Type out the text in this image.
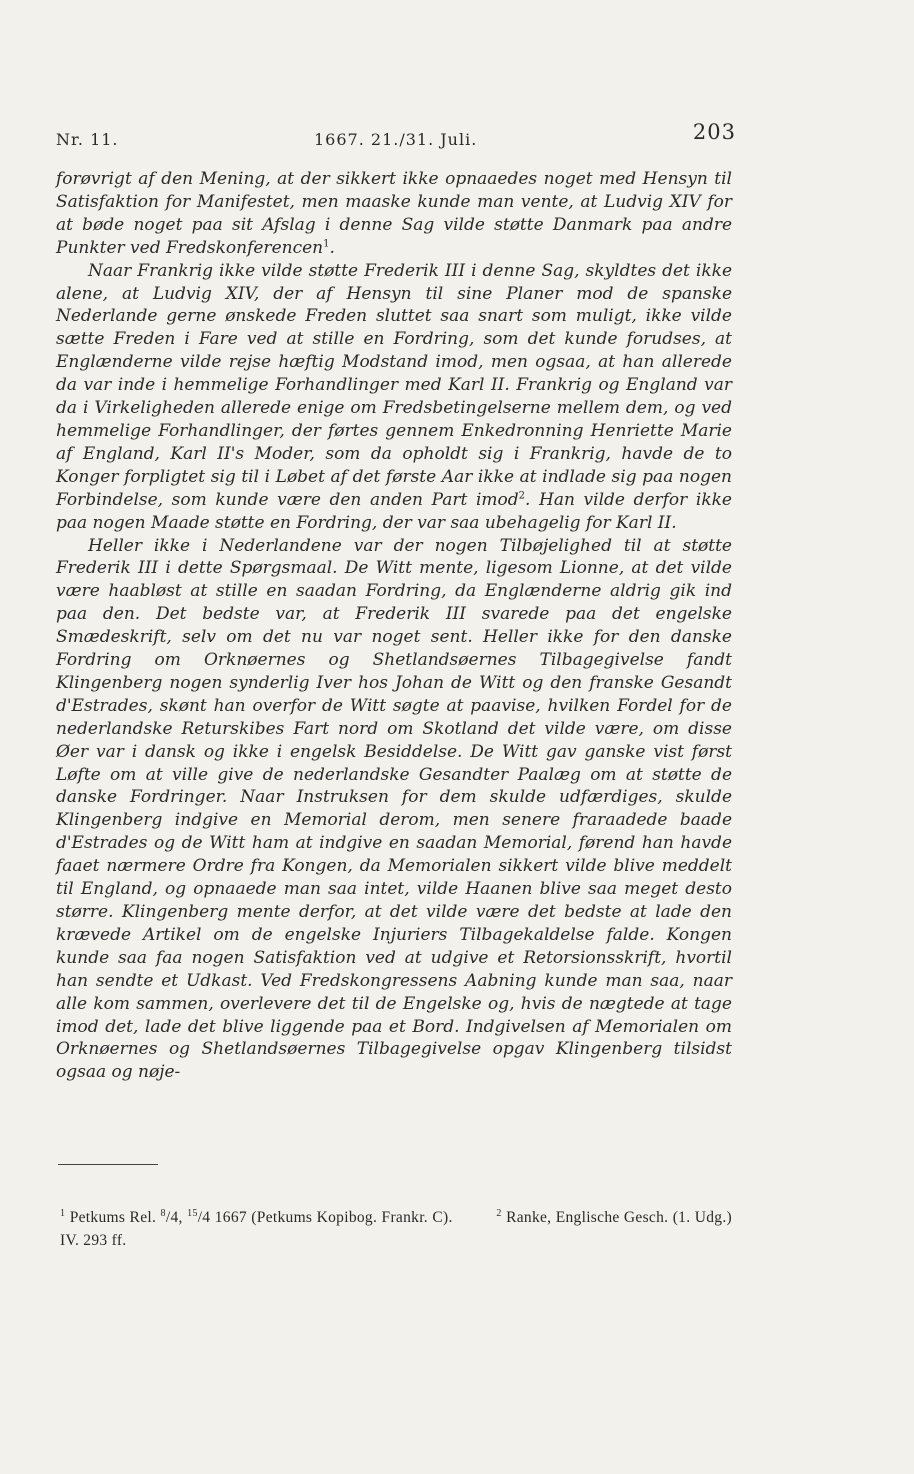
Nr. 11.	1667. 21./31. Juli.	203

forøvrigt af den Mening, at der sikkert ikke opnaaedes noget med Hensyn til Satisfaktion for Manifestet, men maaske kunde man vente, at Ludvig XIV for at bøde noget paa sit Afslag i denne Sag vilde støtte Danmark paa andre Punkter ved Fredskonferencen$^1$.

Naar Frankrig ikke vilde støtte Frederik III i denne Sag, skyldtes det ikke alene, at Ludvig XIV, der af Hensyn til sine Planer mod de spanske Nederlande gerne ønskede Freden sluttet saa snart som muligt, ikke vilde sætte Freden i Fare ved at stille en Fordring, som det kunde forudses, at Englænderne vilde rejse hæftig Modstand imod, men ogsaa, at han allerede da var inde i hemmelige Forhandlinger med Karl II. Frankrig og England var da i Virkeligheden allerede enige om Fredsbetingelserne mellem dem, og ved hemmelige Forhandlinger, der førtes gennem Enkedronning Henriette Marie af England, Karl II's Moder, som da opholdt sig i Frankrig, havde de to Konger forpligtet sig til i Løbet af det første Aar ikke at indlade sig paa nogen Forbindelse, som kunde være den anden Part imod$^2$. Han vilde derfor ikke paa nogen Maade støtte en Fordring, der var saa ubehagelig for Karl II.

Heller ikke i Nederlandene var der nogen Tilbøjelighed til at støtte Frederik III i dette Spørgsmaal. De Witt mente, ligesom Lionne, at det vilde være haabløst at stille en saadan Fordring, da Englænderne aldrig gik ind paa den. Det bedste var, at Frederik III svarede paa det engelske Smædeskrift, selv om det nu var noget sent. Heller ikke for den danske Fordring om Orknøernes og Shetlandsøernes Tilbagegivelse fandt Klingenberg nogen synderlig Iver hos Johan de Witt og den franske Gesandt d'Estrades, skønt han overfor de Witt søgte at paavise, hvilken Fordel for de nederlandske Returskibes Fart nord om Skotland det vilde være, om disse Øer var i dansk og ikke i engelsk Besiddelse. De Witt gav ganske vist først Løfte om at ville give de nederlandske Gesandter Paalæg om at støtte de danske Fordringer. Naar Instruksen for dem skulde udfærdiges, skulde Klingenberg indgive en Memorial derom, men senere fraraadede baade d'Estrades og de Witt ham at indgive en saadan Memorial, førend han havde faaet nærmere Ordre fra Kongen, da Memorialen sikkert vilde blive meddelt til England, og opnaaede man saa intet, vilde Haanen blive saa meget desto større. Klingenberg mente derfor, at det vilde være det bedste at lade den krævede Artikel om de engelske Injuriers Tilbagekaldelse falde. Kongen kunde saa faa nogen Satisfaktion ved at udgive et Retorsionsskrift, hvortil han sendte et Udkast. Ved Fredskongressens Aabning kunde man saa, naar alle kom sammen, overlevere det til de Engelske og, hvis de nægtede at tage imod det, lade det blive liggende paa et Bord. Indgivelsen af Memorialen om Orknøernes og Shetlandsøernes Tilbagegivelse opgav Klingenberg tilsidst ogsaa og nøje-

$^1$ Petkums Rel. $^8$/4, $^{15}$/4 1667 (Petkums Kopibog. Frankr. C).	$^2$ Ranke, Englische Gesch. (1. Udg.) IV. 293 ff.
